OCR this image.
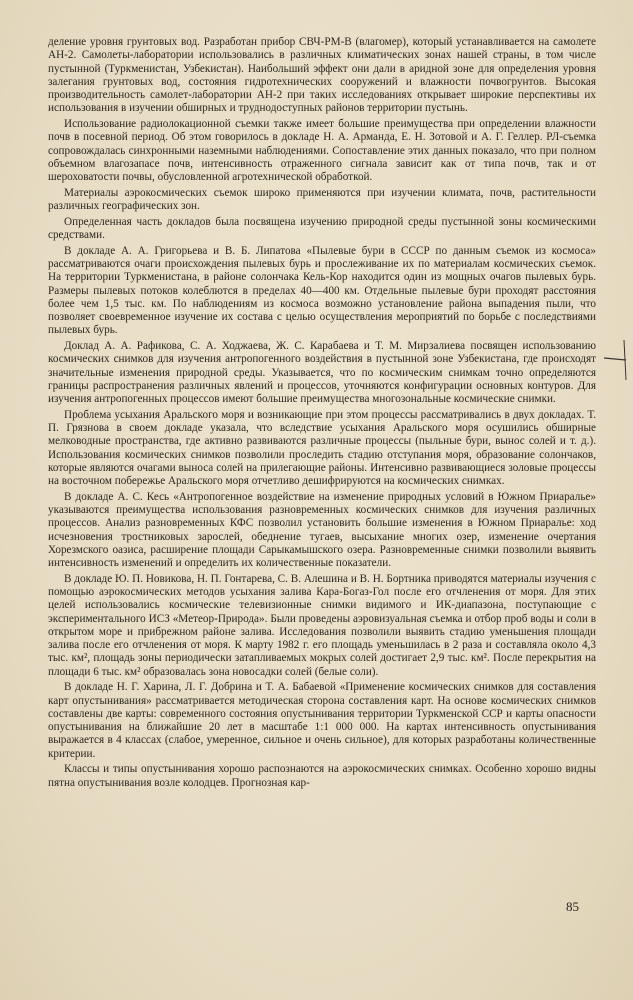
деление уровня грунтовых вод. Разработан прибор СВЧ-РМ-В (влагомер), который устанавливается на самолете АН-2. Самолеты-лаборатории использовались в различных климатических зонах нашей страны, в том числе пустынной (Туркменистан, Узбекистан). Наибольший эффект они дали в аридной зоне для определения уровня залегания грунтовых вод, состояния гидротехнических сооружений и влажности почвогрунтов. Высокая производительность самолет-лаборатории АН-2 при таких исследованиях открывает широкие перспективы их использования в изучении обширных и труднодоступных районов территории пустынь.

Использование радиолокационной съемки также имеет большие преимущества при определении влажности почв в посевной период. Об этом говорилось в докладе Н. А. Арманда, Е. Н. Зотовой и А. Г. Геллер. РЛ-съемка сопровождалась синхронными наземными наблюдениями. Сопоставление этих данных показало, что при полном объемном влагозапасе почв, интенсивность отраженного сигнала зависит как от типа почв, так и от шероховатости почвы, обусловленной агротехнической обработкой.

Материалы аэрокосмических съемок широко применяются при изучении климата, почв, растительности различных географических зон.

Определенная часть докладов была посвящена изучению природной среды пустынной зоны космическими средствами.

В докладе А. А. Григорьева и В. Б. Липатова «Пылевые бури в СССР по данным съемок из космоса» рассматриваются очаги происхождения пылевых бурь и прослеживание их по материалам космических съемок. На территории Туркменистана, в районе солончака Кель-Кор находится один из мощных очагов пылевых бурь. Размеры пылевых потоков колеблются в пределах 40—400 км. Отдельные пылевые бури проходят расстояния более чем 1,5 тыс. км. По наблюдениям из космоса возможно установление района выпадения пыли, что позволяет своевременное изучение их состава с целью осуществления мероприятий по борьбе с последствиями пылевых бурь.

Доклад А. А. Рафикова, С. А. Ходжаева, Ж. С. Карабаева и Т. М. Мирзалиева посвящен использованию космических снимков для изучения антропогенного воздействия в пустынной зоне Узбекистана, где происходят значительные изменения природной среды. Указывается, что по космическим снимкам точно определяются границы распространения различных явлений и процессов, уточняются конфигурации основных контуров. Для изучения антропогенных процессов имеют большие преимущества многозональные космические снимки.

Проблема усыхания Аральского моря и возникающие при этом процессы рассматривались в двух докладах. Т. П. Грязнова в своем докладе указала, что вследствие усыхания Аральского моря осушились обширные мелководные пространства, где активно развиваются различные процессы (пыльные бури, вынос солей и т. д.). Использования космических снимков позволили проследить стадию отступания моря, образование солончаков, которые являются очагами выноса солей на прилегающие районы. Интенсивно развивающиеся золовые процессы на восточном побережье Аральского моря отчетливо дешифрируются на космических снимках.

В докладе А. С. Кесь «Антропогенное воздействие на изменение природных условий в Южном Приаралье» указываются преимущества использования разновременных космических снимков для изучения различных процессов. Анализ разновременных КФС позволил установить большие изменения в Южном Приаралье: ход исчезновения тростниковых зарослей, обеднение тугаев, высыхание многих озер, изменение очертания Хорезмского оазиса, расширение площади Сарыкамышского озера. Разновременные снимки позволили выявить интенсивность изменений и определить их количественные показатели.

В докладе Ю. П. Новикова, Н. П. Гонтарева, С. В. Алешина и В. Н. Бортника приводятся материалы изучения с помощью аэрокосмических методов усыхания залива Кара-Богаз-Гол после его отчленения от моря. Для этих целей использовались космические телевизионные снимки видимого и ИК-диапазона, поступающие с экспериментального ИСЗ «Метеор-Природа». Были проведены аэровизуальная съемка и отбор проб воды и соли в открытом море и прибрежном районе залива. Исследования позволили выявить стадию уменьшения площади залива после его отчленения от моря. К марту 1982 г. его площадь уменьшилась в 2 раза и составляла около 4,3 тыс. км², площадь зоны периодически затапливаемых мокрых солей достигает 2,9 тыс. км². После перекрытия на площади 6 тыс. км² образовалась зона новосадки солей (белые соли).

В докладе Н. Г. Харина, Л. Г. Добрина и Т. А. Бабаевой «Применение космических снимков для составления карт опустынивания» рассматривается методическая сторона составления карт. На основе космических снимков составлены две карты: современного состояния опустынивания территории Туркменской ССР и карты опасности опустынивания на ближайшие 20 лет в масштабе 1:1 000 000. На картах интенсивность опустынивания выражается в 4 классах (слабое, умеренное, сильное и очень сильное), для которых разработаны количественные критерии.

Классы и типы опустынивания хорошо распознаются на аэрокосмических снимках. Особенно хорошо видны пятна опустынивания возле колодцев. Прогнозная кар-

85
